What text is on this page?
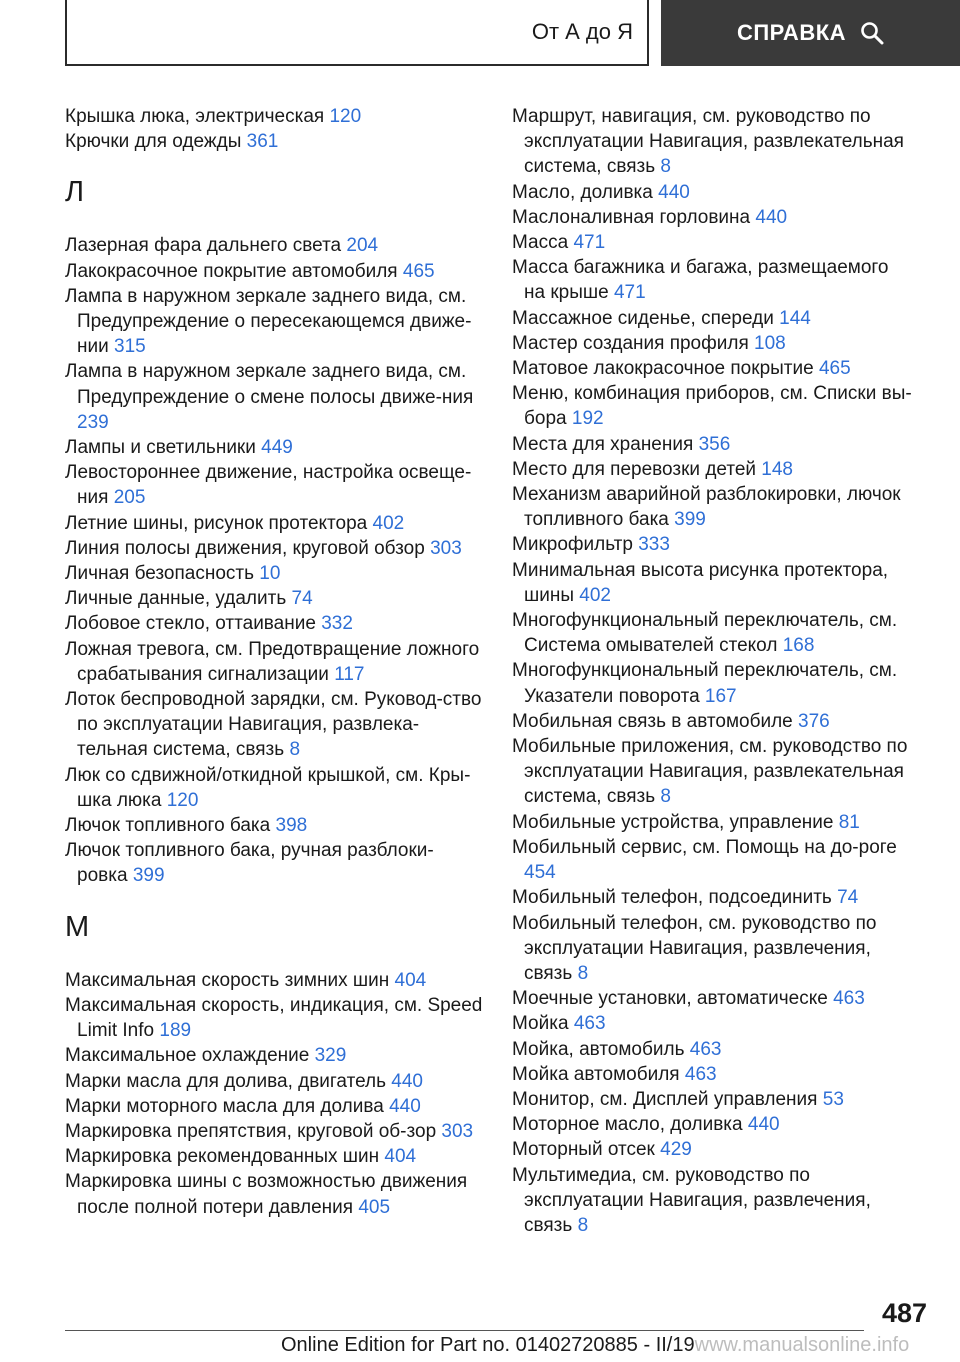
От А до Я	СПРАВКА
Крышка люка, электрическая 120
Крючки для одежды 361
Л
Лазерная фара дальнего света 204
Лакокрасочное покрытие автомобиля 465
Лампа в наружном зеркале заднего вида, см. Предупреждение о пересекающемся движе-нии 315
Лампа в наружном зеркале заднего вида, см. Предупреждение о смене полосы движе-ния 239
Лампы и светильники 449
Левостороннее движение, настройка освеще-ния 205
Летние шины, рисунок протектора 402
Линия полосы движения, круговой обзор 303
Личная безопасность 10
Личные данные, удалить 74
Лобовое стекло, оттаивание 332
Ложная тревога, см. Предотвращение ложного срабатывания сигнализации 117
Лоток беспроводной зарядки, см. Руковод-ство по эксплуатации Навигация, развлека-тельная система, связь 8
Люк со сдвижной/откидной крышкой, см. Кры-шка люка 120
Лючок топливного бака 398
Лючок топливного бака, ручная разблоки-ровка 399
М
Максимальная скорость зимних шин 404
Максимальная скорость, индикация, см. Speed Limit Info 189
Максимальное охлаждение 329
Марки масла для долива, двигатель 440
Марки моторного масла для долива 440
Маркировка препятствия, круговой об-зор 303
Маркировка рекомендованных шин 404
Маркировка шины с возможностью движения после полной потери давления 405
Маршрут, навигация, см. руководство по эксплуатации Навигация, развлекательная система, связь 8
Масло, доливка 440
Маслоналивная горловина 440
Масса 471
Масса багажника и багажа, размещаемого на крыше 471
Массажное сиденье, спереди 144
Мастер создания профиля 108
Матовое лакокрасочное покрытие 465
Меню, комбинация приборов, см. Списки вы-бора 192
Места для хранения 356
Место для перевозки детей 148
Механизм аварийной разблокировки, лючок топливного бака 399
Микрофильтр 333
Минимальная высота рисунка протектора, шины 402
Многофункциональный переключатель, см. Система омывателей стекол 168
Многофункциональный переключатель, см. Указатели поворота 167
Мобильная связь в автомобиле 376
Мобильные приложения, см. руководство по эксплуатации Навигация, развлекательная система, связь 8
Мобильные устройства, управление 81
Мобильный сервис, см. Помощь на до-роге 454
Мобильный телефон, подсоединить 74
Мобильный телефон, см. руководство по эксплуатации Навигация, развлечения, связь 8
Моечные установки, автоматическе 463
Мойка 463
Мойка, автомобиль 463
Мойка автомобиля 463
Монитор, см. Дисплей управления 53
Моторное масло, доливка 440
Моторный отсек 429
Мультимедиа, см. руководство по эксплуатации Навигация, развлечения, связь 8
487
Online Edition for Part no. 01402720885 - II/19www.manualsonline.info
